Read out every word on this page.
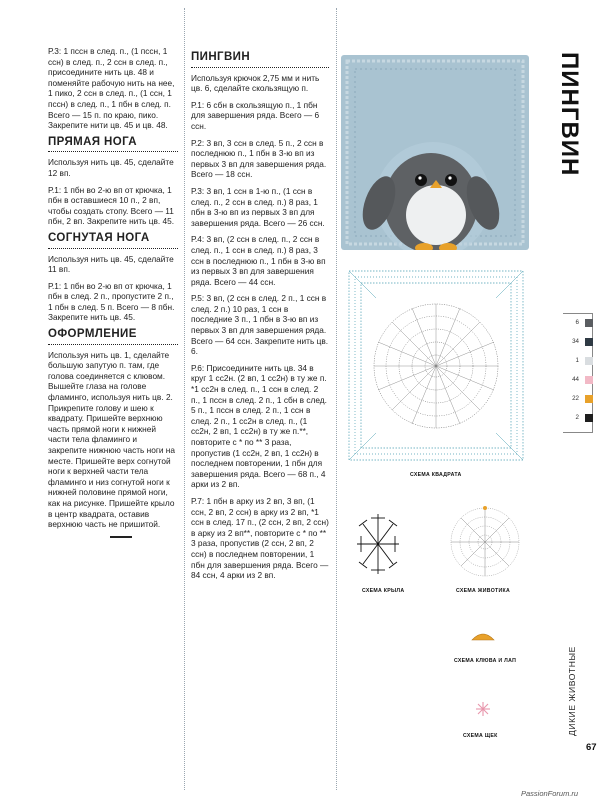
Р.3: 1 пссн в след. п., (1 пссн, 1 ссн) в след. п., 2 ссн в след. п., присоедините нить цв. 48 и поменяйте рабочую нить на нее, 1 пико, 2 ссн в след. п., (1 ссн, 1 пссн) в след. п., 1 пбн в след. п. Всего — 15 п. по краю, пико. Закрепите нити цв. 45 и цв. 48.

ПРЯМАЯ НОГА

Используя нить цв. 45, сделайте 12 вп.

Р.1: 1 пбн во 2-ю вп от крючка, 1 пбн в оставшиеся 10 п., 2 вп, чтобы создать стопу. Всего — 11 пбн, 2 вп. Закрепите нить цв. 45.

СОГНУТАЯ НОГА

Используя нить цв. 45, сделайте 11 вп.

Р.1: 1 пбн во 2-ю вп от крючка, 1 пбн в след. 2 п., пропустите 2 п., 1 пбн в след. 5 п. Всего — 8 пбн. Закрепите нить цв. 45.

ОФОРМЛЕНИЕ

Используя нить цв. 1, сделайте большую запутую п. там, где голова соединяется с клювом. Вышейте глаза на голове фламинго, используя нить цв. 2. Прикрепите голову и шею к квадрату. Пришейте верхнюю часть прямой ноги к нижней части тела фламинго и закрепите нижнюю часть ноги на месте. Пришейте верх согнутой ноги к верхней части тела фламинго и низ согнутой ноги к нижней половине прямой ноги, как на рисунке. Пришейте крыло в центр квадрата, оставив верхнюю часть не пришитой.

ПИНГВИН

Используя крючок 2,75 мм и нить цв. 6, сделайте скользящую п.

Р.1: 6 сбн в скользящую п., 1 пбн для завершения ряда. Всего — 6 ссн.

Р.2: 3 вп, 3 ссн в след. 5 п., 2 ссн в последнюю п., 1 пбн в 3-ю вп из первых 3 вп для завершения ряда. Всего — 18 ссн.

Р.3: 3 вп, 1 ссн в 1-ю п., (1 ссн в след. п., 2 ссн в след. п.) 8 раз, 1 пбн в 3-ю вп из первых 3 вп для завершения ряда. Всего — 26 ссн.

Р.4: 3 вп, (2 ссн в след. п., 2 ссн в след. п., 1 ссн в след. п.) 8 раз, 3 ссн в последнюю п., 1 пбн в 3-ю вп из первых 3 вп для завершения ряда. Всего — 44 ссн.

Р.5: 3 вп, (2 ссн в след. 2 п., 1 ссн в след. 2 п.) 10 раз, 1 ссн в последние 3 п., 1 пбн в 3-ю вп из первых 3 вп для завершения ряда. Всего — 64 ссн. Закрепите нить цв. 6.

Р.6: Присоедините нить цв. 34 в круг 1 сс2н. (2 вп, 1 сс2н) в ту же п. *1 сс2н в след. п., 1 ссн в след. 2 п., 1 пссн в след. 2 п., 1 сбн в след. 5 п., 1 пссн в след. 2 п., 1 ссн в след. 2 п., 1 сс2н в след. п., (1 сс2н, 2 вп, 1 сс2н) в ту же п.**, повторите с * по ** 3 раза, пропустив (1 сс2н, 2 вп, 1 сс2н) в последнем повторении, 1 пбн для завершения ряда. Всего — 68 п., 4 арки из 2 вп.

Р.7: 1 пбн в арку из 2 вп, 3 вп, (1 ссн, 2 вп, 2 ссн) в арку из 2 вп, *1 ссн в след. 17 п., (2 ссн, 2 вп, 2 ссн) в арку из 2 вп**, повторите с * по ** 3 раза, пропустив (2 ссн, 2 вп, 2 ссн) в последнем повторении, 1 пбн для завершения ряда. Всего — 84 ссн, 4 арки из 2 вп.

ПИНГВИН
СХЕМА КВАДРАТА
СХЕМА КРЫЛА	СХЕМА ЖИВОТИКА
СХЕМА КЛЮВА И ЛАП
СХЕМА ЩЕК
6
34
1
44
22
2
ДИКИЕ ЖИВОТНЫЕ
67
PassionForum.ru
